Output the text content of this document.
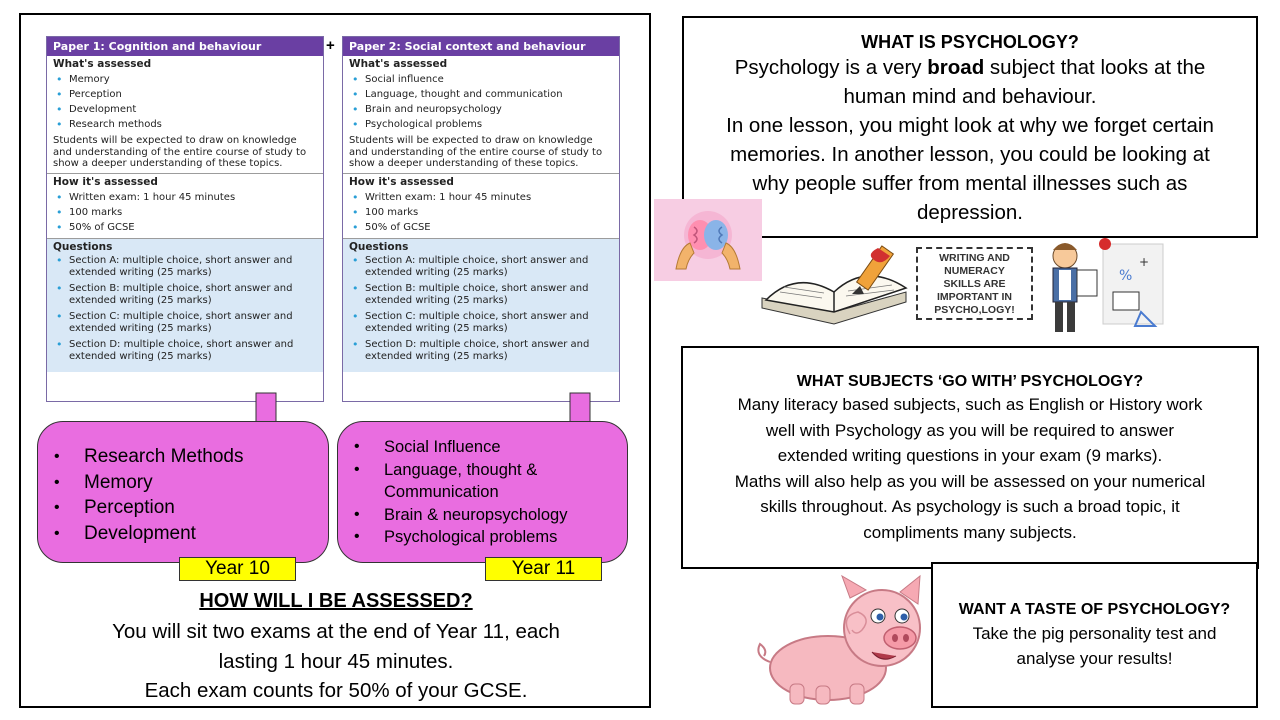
Paper 1: Cognition and behaviour
What's assessed
• Memory
• Perception
• Development
• Research methods

Students will be expected to draw on knowledge and understanding of the entire course of study to show a deeper understanding of these topics.

How it's assessed
• Written exam: 1 hour 45 minutes
• 100 marks
• 50% of GCSE
Questions
• Section A: multiple choice, short answer and extended writing (25 marks)
• Section B: multiple choice, short answer and extended writing (25 marks)
• Section C: multiple choice, short answer and extended writing (25 marks)
• Section D: multiple choice, short answer and extended writing (25 marks)
+	Paper 2: Social context and behaviour
What's assessed
• Social influence
• Language, thought and communication
• Brain and neuropsychology
• Psychological problems

Students will be expected to draw on knowledge and understanding of the entire course of study to show a deeper understanding of these topics.

How it's assessed
• Written exam: 1 hour 45 minutes
• 100 marks
• 50% of GCSE
Questions
• Section A: multiple choice, short answer and extended writing (25 marks)
• Section B: multiple choice, short answer and extended writing (25 marks)
• Section C: multiple choice, short answer and extended writing (25 marks)
• Section D: multiple choice, short answer and extended writing (25 marks)
• Research Methods
• Memory
• Perception
• Development
• Social Influence
• Language, thought &
Communication
• Brain & neuropsychology
• Psychological problems
Year 10	Year 11
HOW WILL I BE ASSESSED?
You will sit two exams at the end of Year 11, each
lasting 1 hour 45 minutes.
Each exam counts for 50% of your GCSE.
WHAT IS PSYCHOLOGY?
Psychology is a very broad subject that looks at the
human mind and behaviour.
In one lesson, you might look at why we forget certain
memories. In another lesson, you could be looking at
why people suffer from mental illnesses such as
depression.
WRITING AND
NUMERACY
SKILLS ARE
IMPORTANT IN
PSYCHO,LOGY!
%
+
WHAT SUBJECTS ‘GO WITH’ PSYCHOLOGY?
Many literacy based subjects, such as English or History work
well with Psychology as you will be required to answer
extended writing questions in your exam (9 marks).
Maths will also help as you will be assessed on your numerical
skills throughout. As psychology is such a broad topic, it
compliments many subjects.
WANT A TASTE OF PSYCHOLOGY?
Take the pig personality test and
analyse your results!
